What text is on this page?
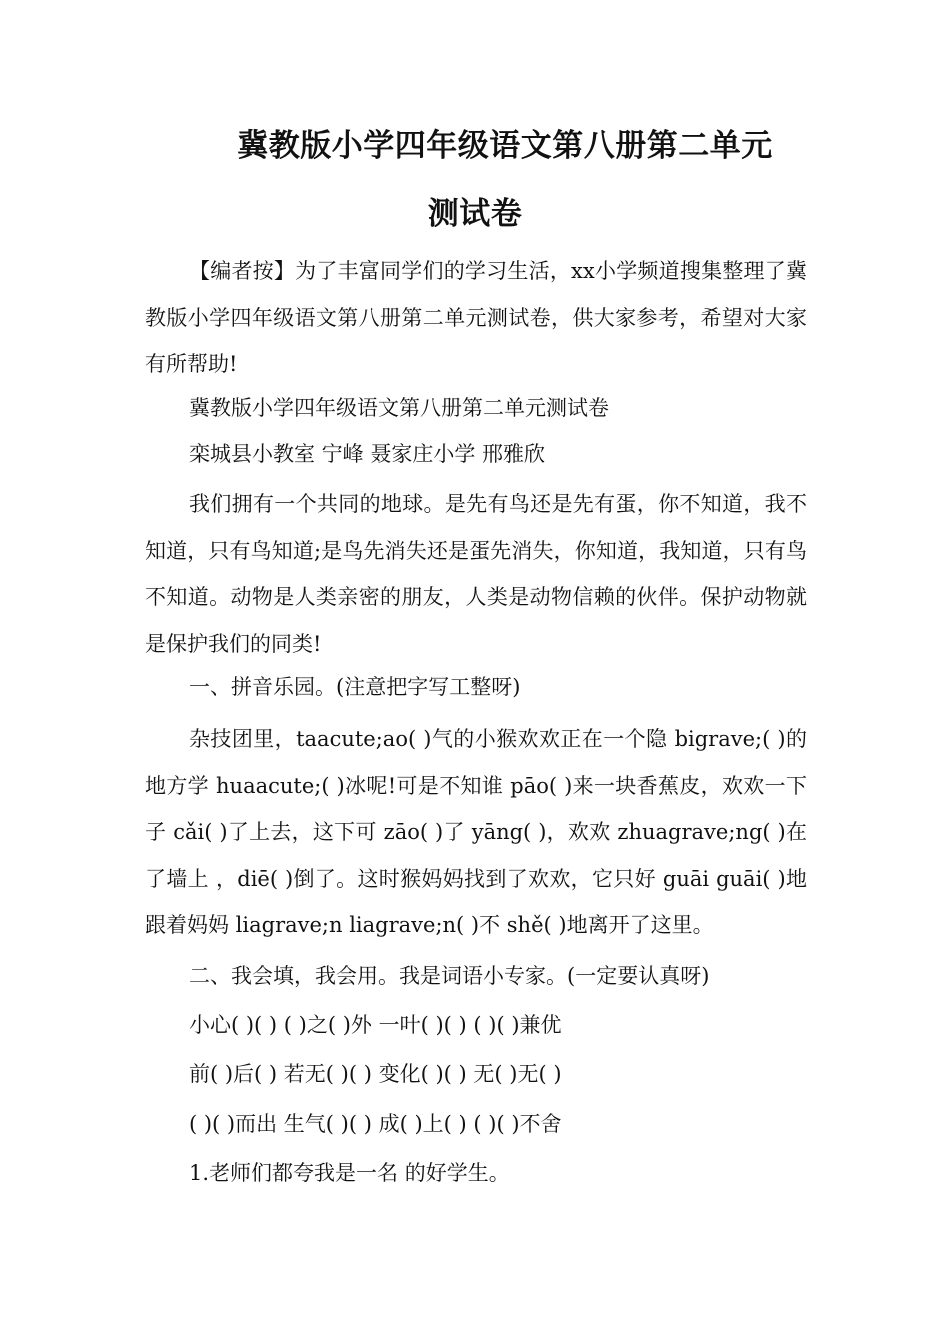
冀教版小学四年级语文第八册第二单元
测试卷
【编者按】为了丰富同学们的学习生活，xx小学频道搜集整理了冀教版小学四年级语文第八册第二单元测试卷，供大家参考，希望对大家有所帮助!
冀教版小学四年级语文第八册第二单元测试卷
栾城县小教室 宁峰 聂家庄小学 邢雅欣
我们拥有一个共同的地球。是先有鸟还是先有蛋，你不知道，我不知道，只有鸟知道;是鸟先消失还是蛋先消失，你知道，我知道，只有鸟不知道。动物是人类亲密的朋友，人类是动物信赖的伙伴。保护动物就是保护我们的同类!
一、拼音乐园。(注意把字写工整呀)
杂技团里，taacute;ao( )气的小猴欢欢正在一个隐 bigrave;( )的地方学 huaacute;( )冰呢!可是不知谁 pāo( )来一块香蕉皮，欢欢一下子 cǎi( )了上去，这下可 zāo( )了 yāng( )，欢欢 zhuagrave;ng( )在了墙上 ，diē( )倒了。这时猴妈妈找到了欢欢，它只好 guāi guāi( )地跟着妈妈 liagrave;n liagrave;n( )不 shě( )地离开了这里。
二、我会填，我会用。我是词语小专家。(一定要认真呀)
小心( )( ) ( )之( )外 一叶( )( ) ( )( )兼优
前( )后( ) 若无( )( ) 变化( )( ) 无( )无( )
( )( )而出 生气( )( ) 成( )上( ) ( )( )不舍
1.老师们都夸我是一名 的好学生。
